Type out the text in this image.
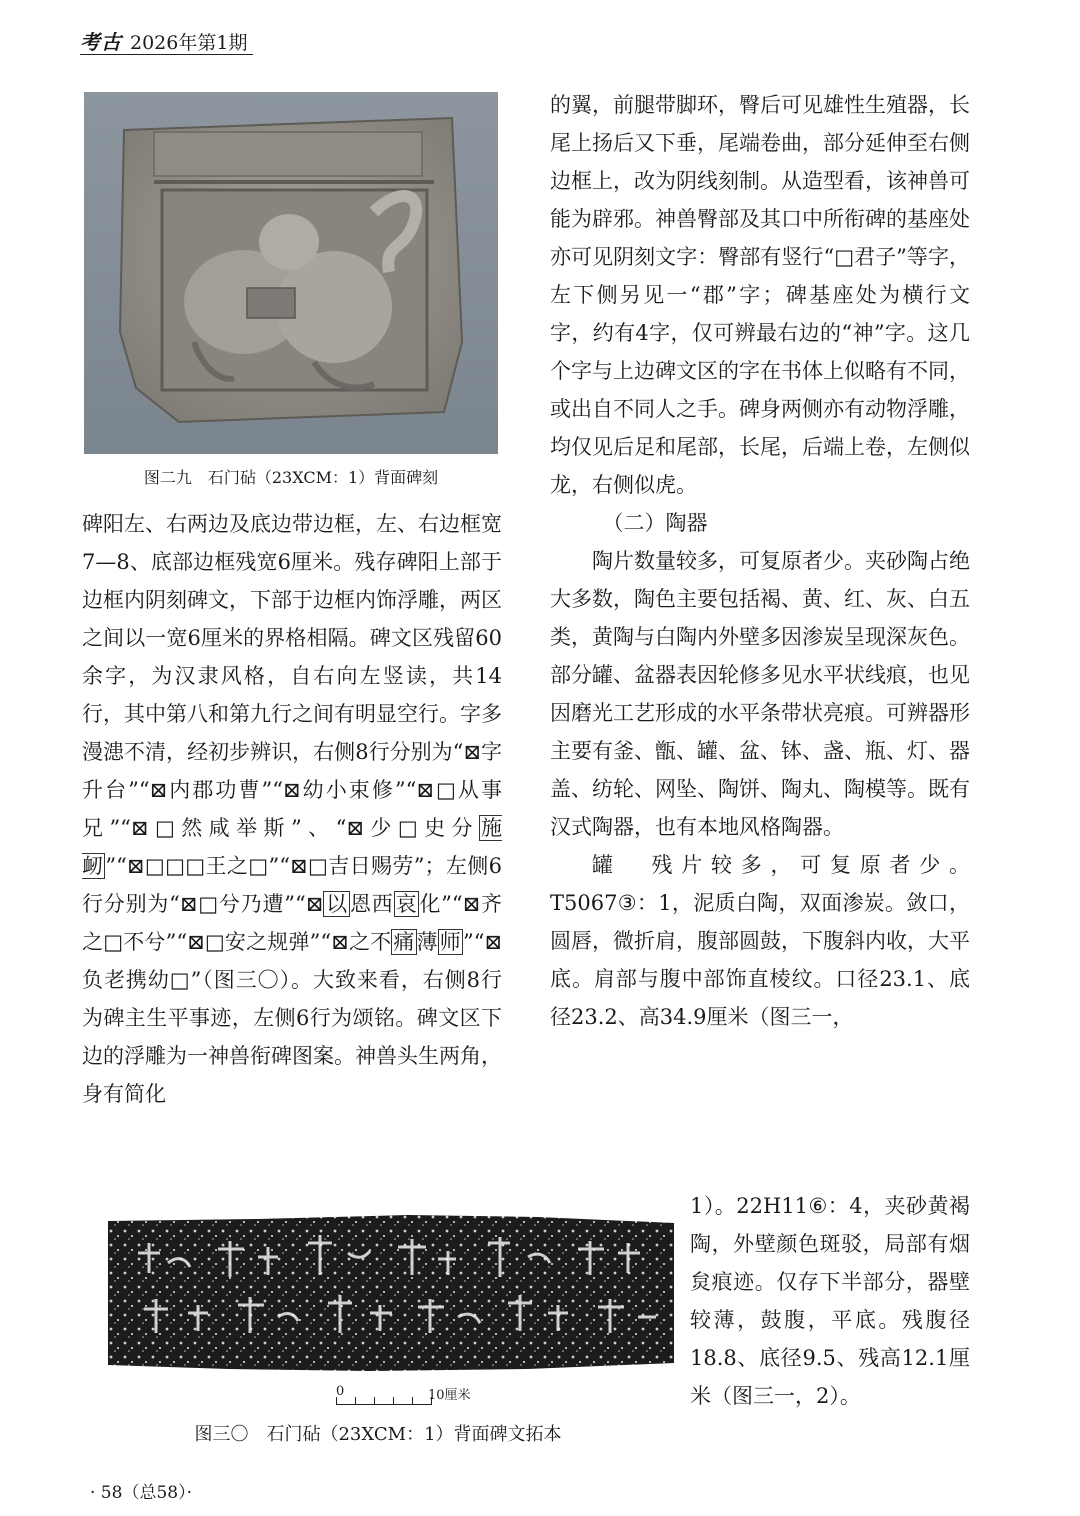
考古 2026年第1期
图二九　石门砧（23XCM：1）背面碑刻

碑阳左、右两边及底边带边框，左、右边框宽7—8、底部边框残宽6厘米。残存碑阳上部于边框内阴刻碑文，下部于边框内饰浮雕，两区之间以一宽6厘米的界格相隔。碑文区残留60余字，为汉隶风格，自右向左竖读，共14行，其中第八和第九行之间有明显空行。字多漫漶不清，经初步辨识，右侧8行分别为“⊠字升台”“⊠内郡功曹”“⊠幼小束修”“⊠□从事兄”“⊠□然咸举斯”、“⊠少□史分施衂”“⊠□□□王之□”“⊠□吉日赐劳”；左侧6行分别为“⊠□兮乃遭”“⊠以恩西哀化”“⊠齐之□不兮”“⊠□安之规弹”“⊠之不痛薄师”“⊠负老携幼□”（图三〇）。大致来看，右侧8行为碑主生平事迹，左侧6行为颂铭。碑文区下边的浮雕为一神兽衔碑图案。神兽头生两角，身有简化

的翼，前腿带脚环，臀后可见雄性生殖器，长尾上扬后又下垂，尾端卷曲，部分延伸至右侧边框上，改为阴线刻制。从造型看，该神兽可能为辟邪。神兽臀部及其口中所衔碑的基座处亦可见阴刻文字：臀部有竖行“□君子”等字，左下侧另见一“郡”字；碑基座处为横行文字，约有4字，仅可辨最右边的“神”字。这几个字与上边碑文区的字在书体上似略有不同，或出自不同人之手。碑身两侧亦有动物浮雕，均仅见后足和尾部，长尾，后端上卷，左侧似龙，右侧似虎。

（二）陶器

陶片数量较多，可复原者少。夹砂陶占绝大多数，陶色主要包括褐、黄、红、灰、白五类，黄陶与白陶内外壁多因渗炭呈现深灰色。部分罐、盆器表因轮修多见水平状线痕，也见因磨光工艺形成的水平条带状亮痕。可辨器形主要有釜、甑、罐、盆、钵、盏、瓶、灯、器盖、纺轮、网坠、陶饼、陶丸、陶模等。既有汉式陶器，也有本地风格陶器。

罐　残片较多，可复原者少。T5067③：1，泥质白陶，双面渗炭。敛口，圆唇，微折肩，腹部圆鼓，下腹斜内收，大平底。肩部与腹中部饰直棱纹。口径23.1、底径23.2、高34.9厘米（图三一，

1）。22H11⑥：4，夹砂黄褐陶，外壁颜色斑驳，局部有烟炱痕迹。仅存下半部分，器壁较薄，鼓腹，平底。残腹径18.8、底径9.5、残高12.1厘米（图三一，2）。

0	10厘米
图三〇　石门砧（23XCM：1）背面碑文拓本
· 58（总58）·
